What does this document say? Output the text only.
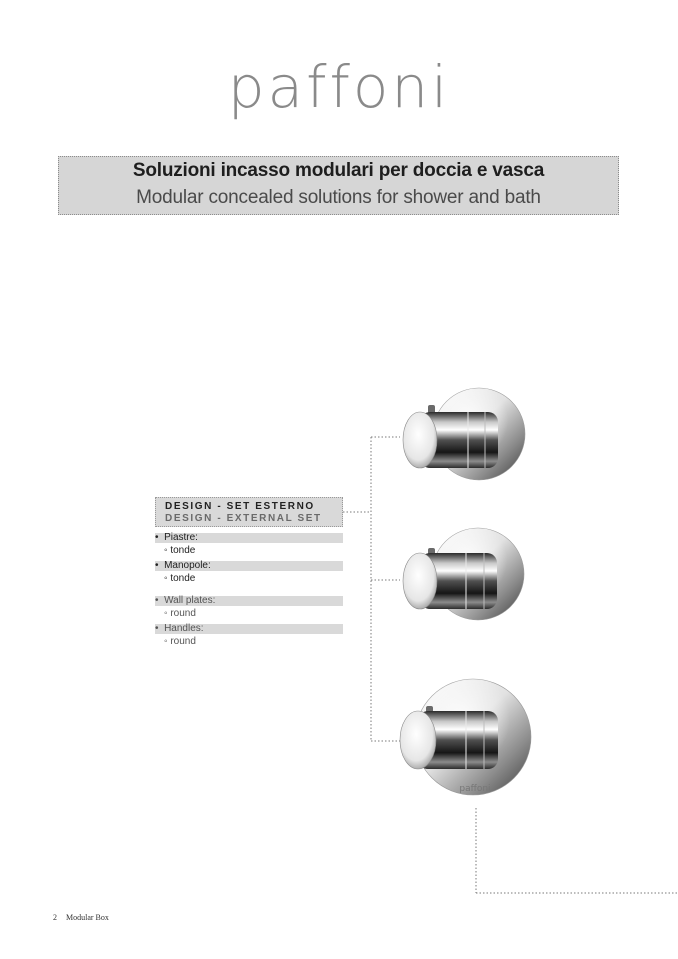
paffoni
Soluzioni incasso modulari per doccia e vasca
Modular concealed solutions for shower and bath
paffoni
DESIGN - SET ESTERNO
DESIGN - EXTERNAL SET
•  Piastre:
◦ tonde
•  Manopole:
◦ tonde
•  Wall plates:
◦ round
•  Handles:
◦ round
2 Modular Box
